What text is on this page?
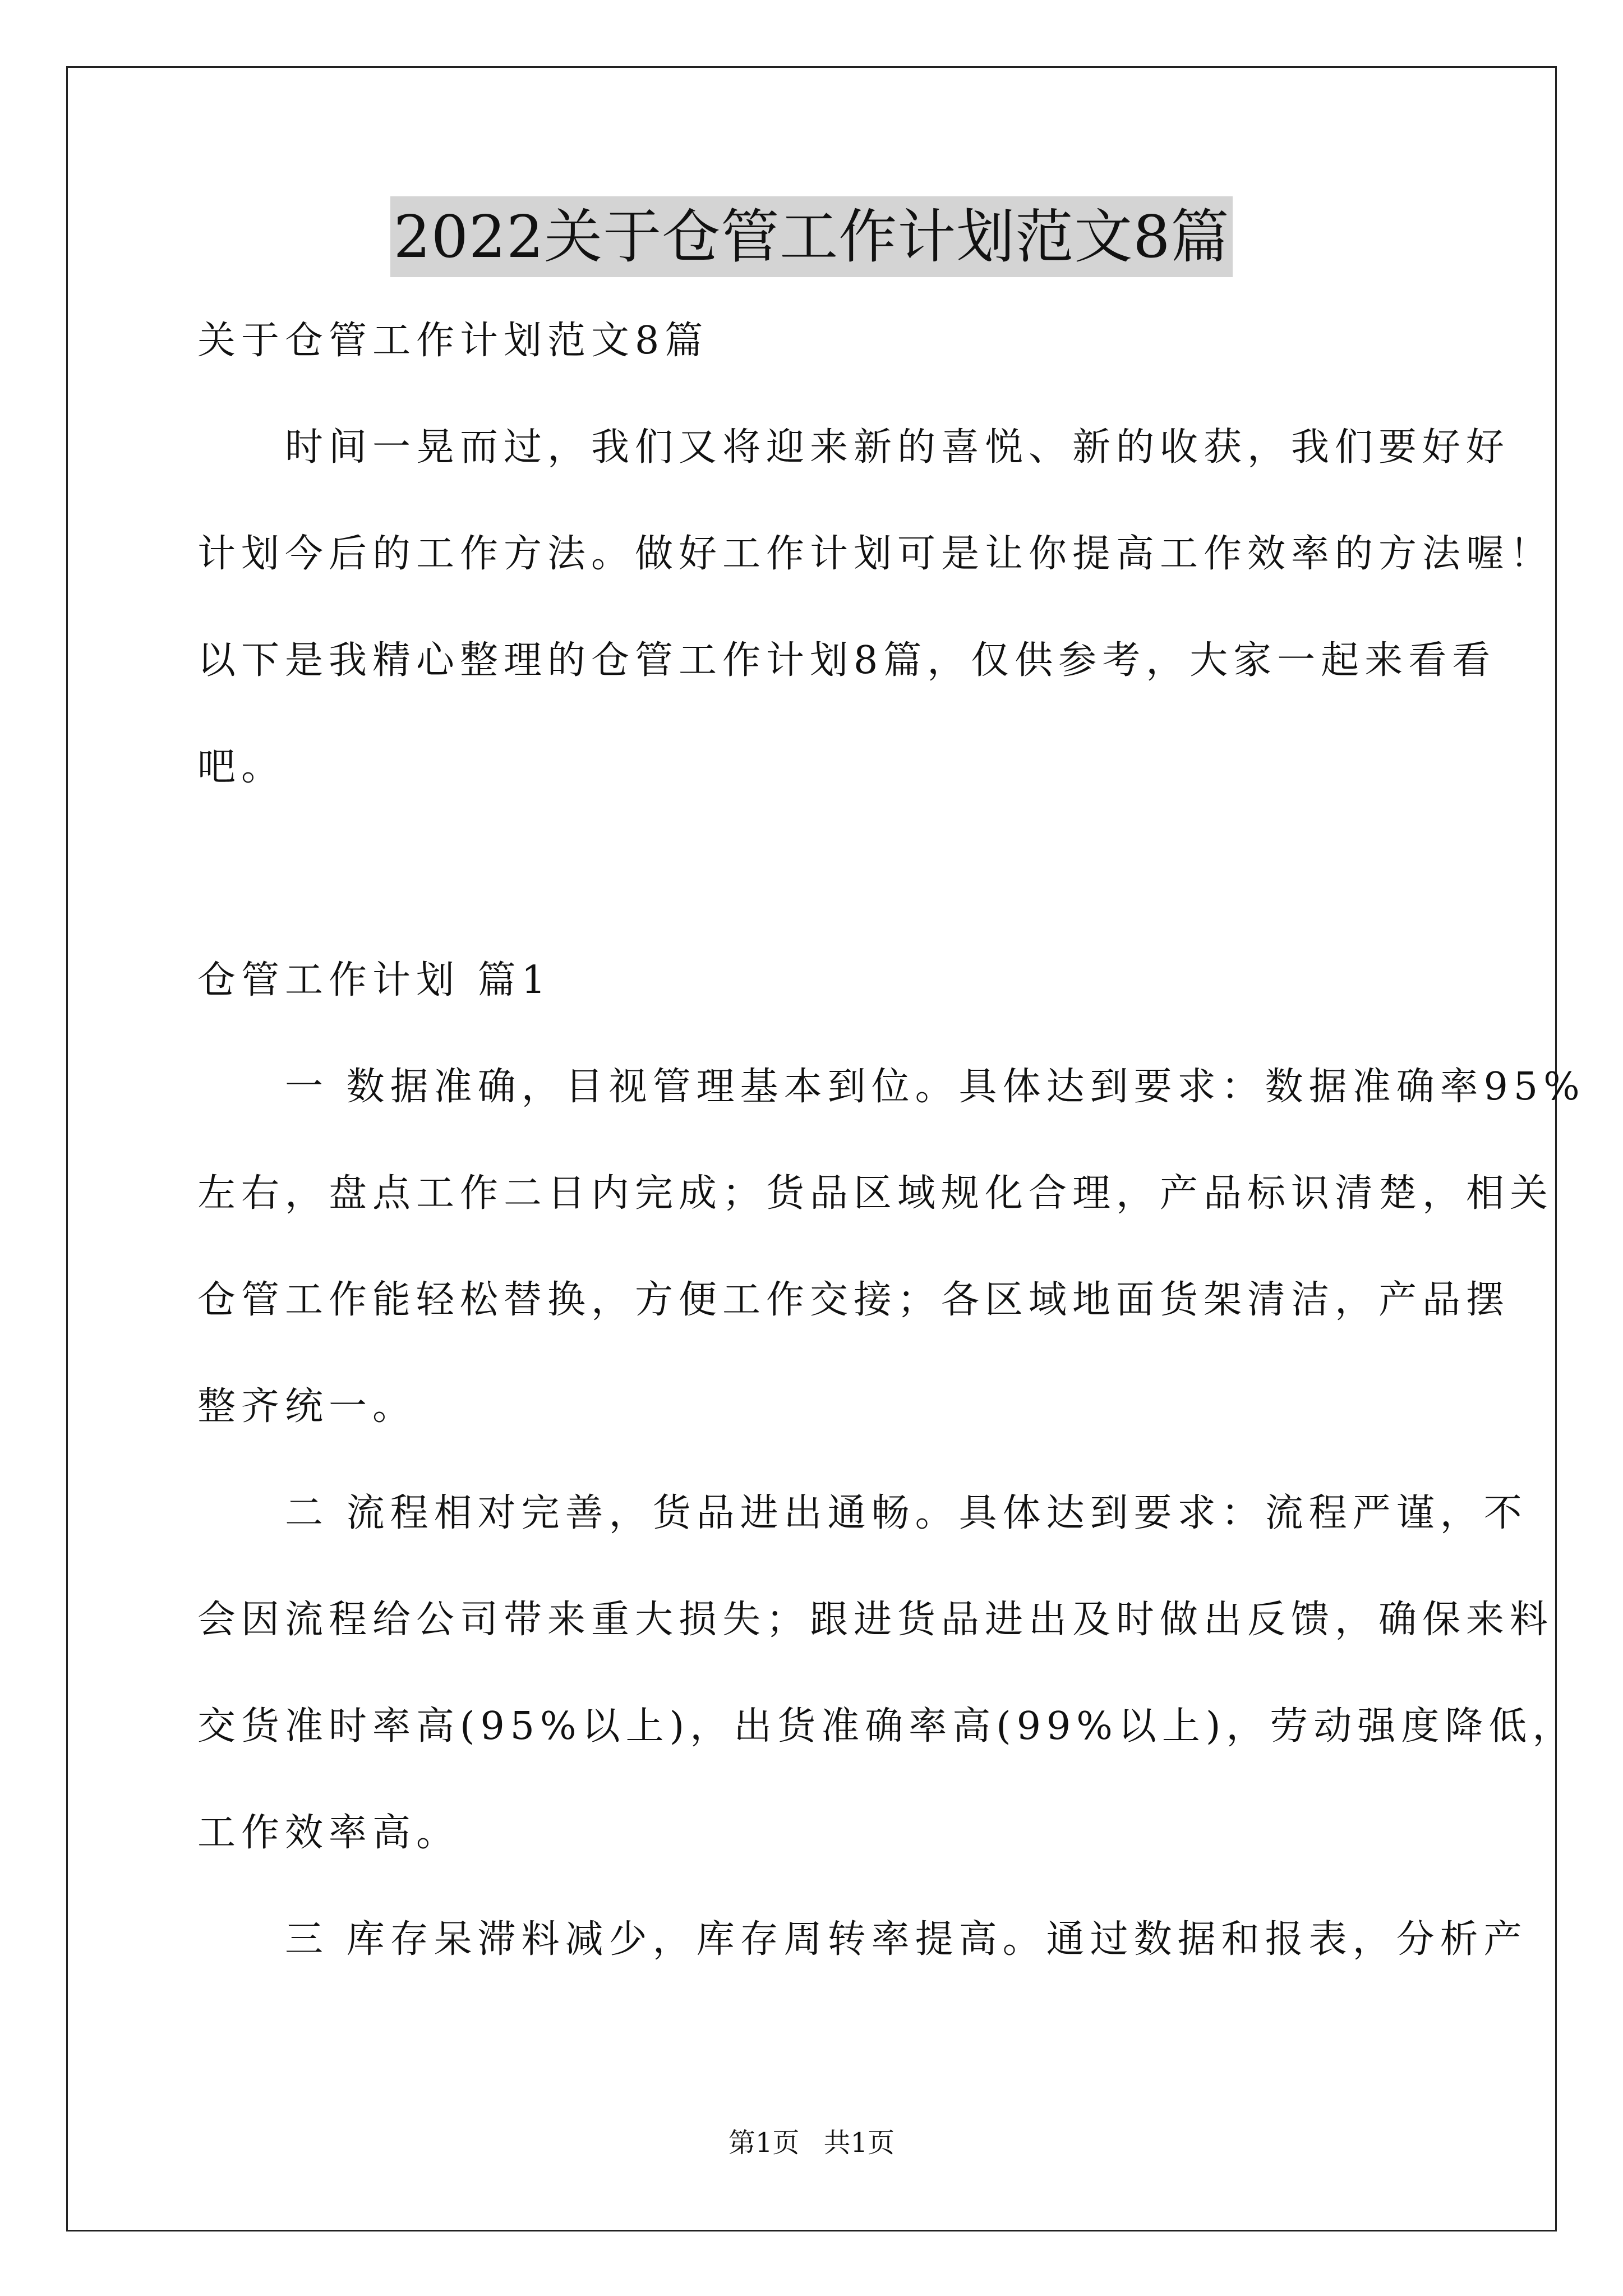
2022关于仓管工作计划范文8篇
关于仓管工作计划范文8篇
　　时间一晃而过，我们又将迎来新的喜悦、新的收获，我们要好好
计划今后的工作方法。做好工作计划可是让你提高工作效率的方法喔！
以下是我精心整理的仓管工作计划8篇，仅供参考，大家一起来看看
吧。
仓管工作计划 篇1
　　一 数据准确，目视管理基本到位。具体达到要求：数据准确率95%
左右，盘点工作二日内完成；货品区域规化合理，产品标识清楚，相关
仓管工作能轻松替换，方便工作交接；各区域地面货架清洁，产品摆
整齐统一。
　　二 流程相对完善，货品进出通畅。具体达到要求：流程严谨，不
会因流程给公司带来重大损失；跟进货品进出及时做出反馈，确保来料
交货准时率高(95%以上)，出货准确率高(99%以上)，劳动强度降低，
工作效率高。
　　三 库存呆滞料减少，库存周转率提高。通过数据和报表，分析产
第1页 共1页
